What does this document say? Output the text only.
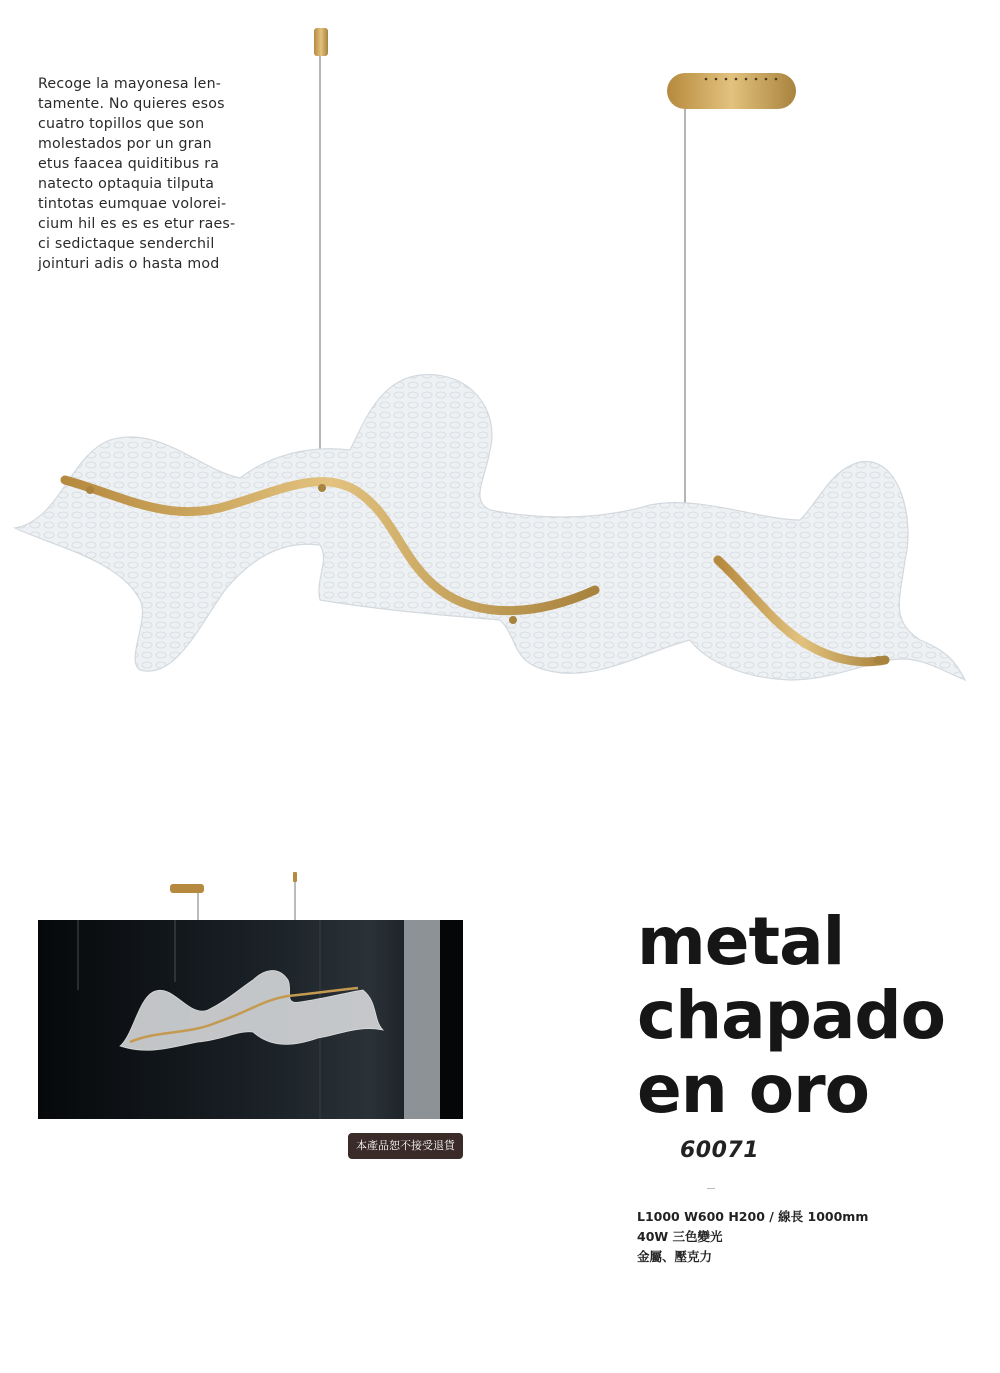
Recoge la mayonesa len-
tamente. No quieres esos
cuatro topillos que son
molestados por un gran
etus faacea quiditibus ra
natecto optaquia tilputa
tintotas eumquae volorei-
cium hil es es es etur raes-
ci sedictaque senderchil
jointuri adis o hasta mod

本產品恕不接受退貨
metal
chapado
en oro
60071
L1000 W600 H200 / 線長 1000mm
40W 三色變光
金屬、壓克力
